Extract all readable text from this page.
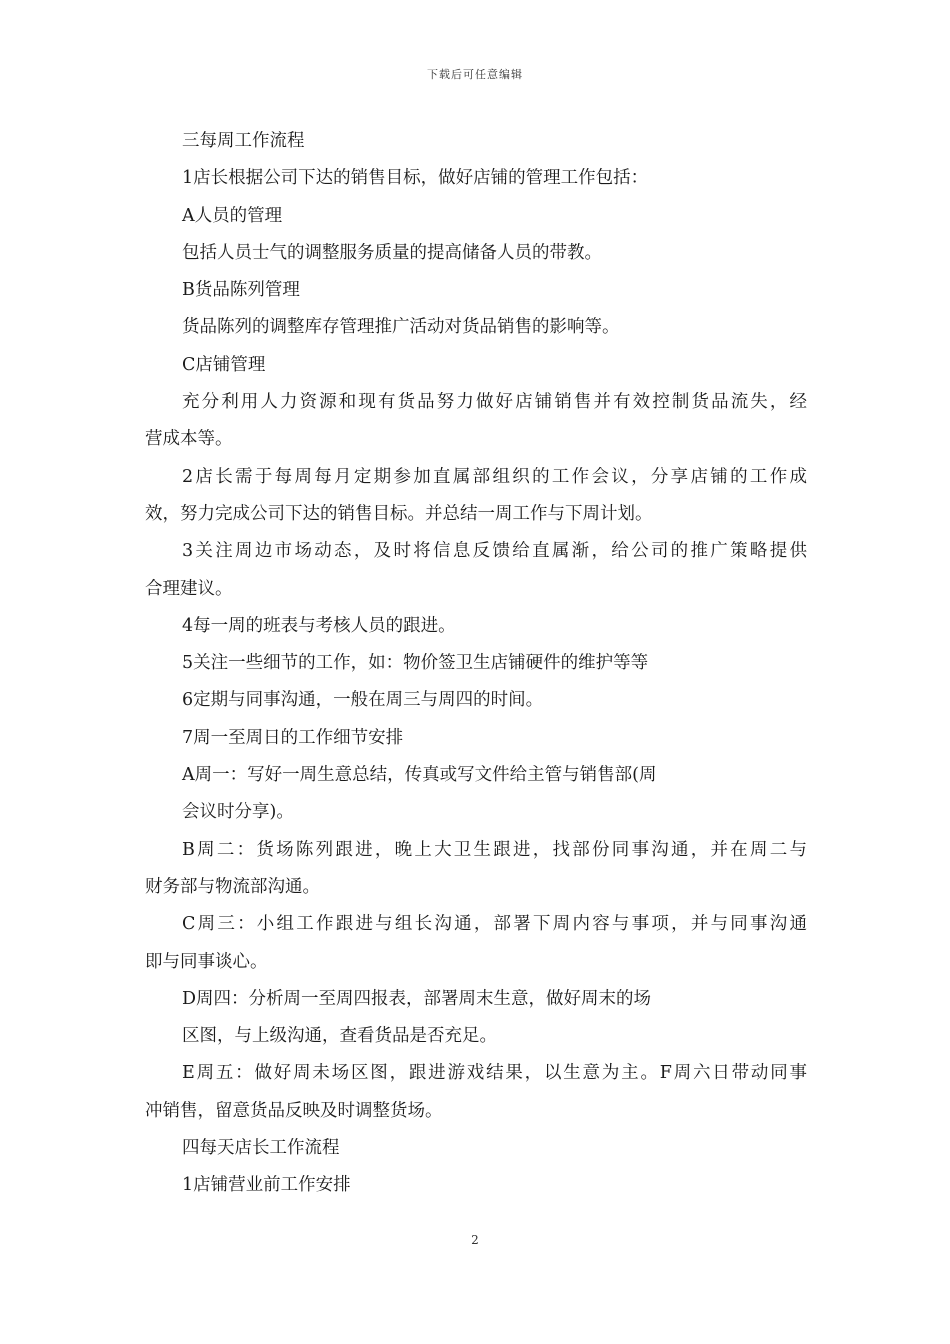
下载后可任意编辑
三每周工作流程
1店长根据公司下达的销售目标，做好店铺的管理工作包括：
A人员的管理
包括人员士气的调整服务质量的提高储备人员的带教。
B货品陈列管理
货品陈列的调整库存管理推广活动对货品销售的影响等。
C店铺管理
充分利用人力资源和现有货品努力做好店铺销售并有效控制货品流失，经
营成本等。
2店长需于每周每月定期参加直属部组织的工作会议，分享店铺的工作成
效，努力完成公司下达的销售目标。并总结一周工作与下周计划。
3关注周边市场动态，及时将信息反馈给直属渐，给公司的推广策略提供
合理建议。
4每一周的班表与考核人员的跟进。
5关注一些细节的工作，如：物价签卫生店铺硬件的维护等等
6定期与同事沟通，一般在周三与周四的时间。
7周一至周日的工作细节安排
A周一：写好一周生意总结，传真或写文件给主管与销售部(周
会议时分享)。
B周二：货场陈列跟进，晚上大卫生跟进，找部份同事沟通，并在周二与
财务部与物流部沟通。
C周三：小组工作跟进与组长沟通，部署下周内容与事项，并与同事沟通
即与同事谈心。
D周四：分析周一至周四报表，部署周末生意，做好周末的场
区图，与上级沟通，查看货品是否充足。
E周五：做好周未场区图，跟进游戏结果，以生意为主。F周六日带动同事
冲销售，留意货品反映及时调整货场。
四每天店长工作流程
1店铺营业前工作安排
2
